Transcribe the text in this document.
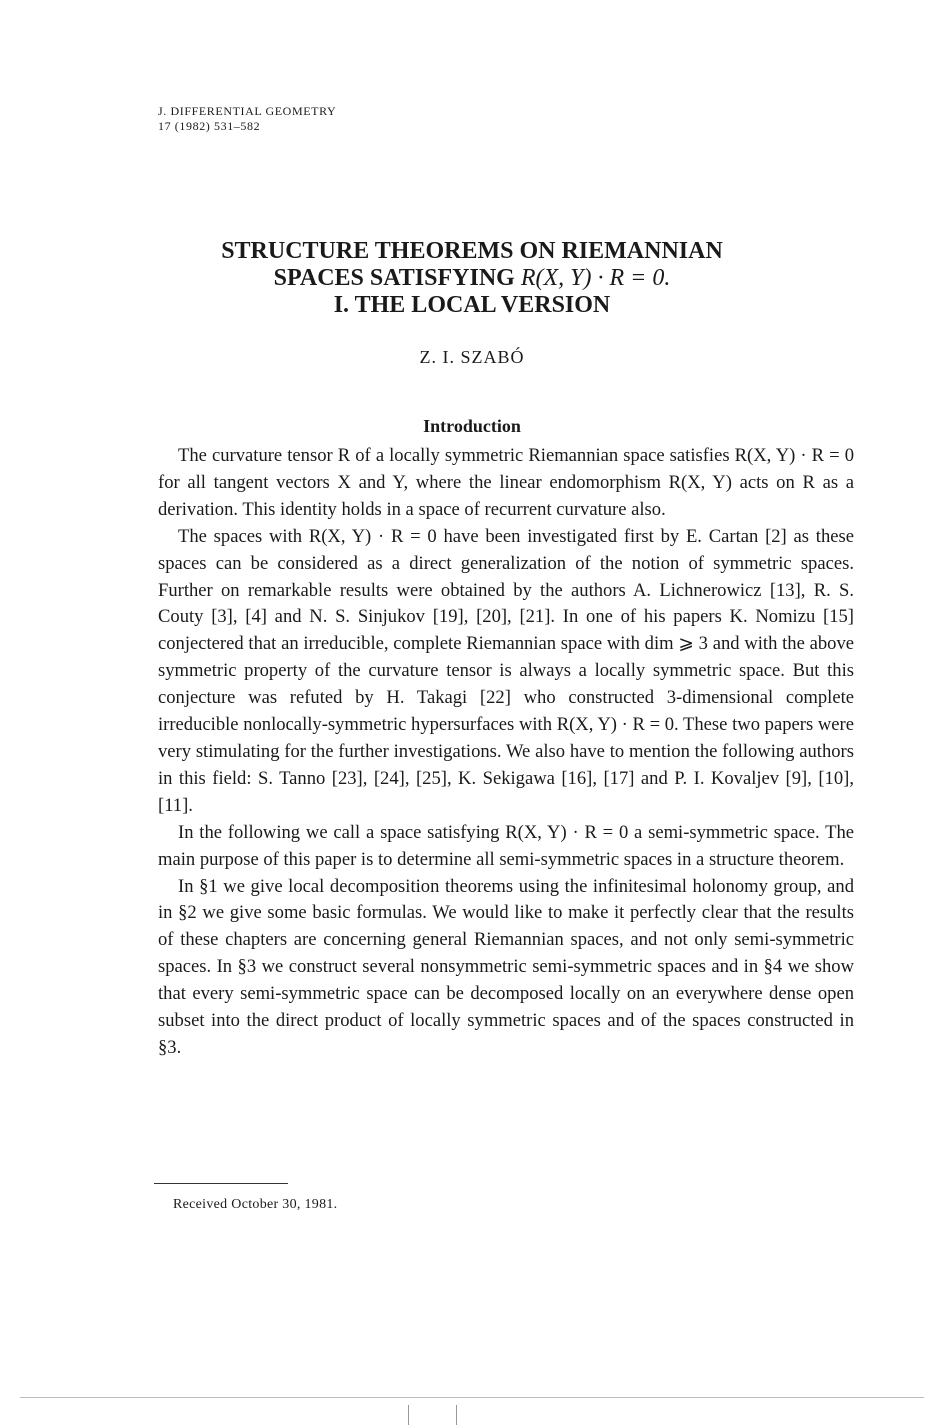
J. DIFFERENTIAL GEOMETRY
17 (1982) 531–582
STRUCTURE THEOREMS ON RIEMANNIAN
SPACES SATISFYING R(X, Y) · R = 0.
I. THE LOCAL VERSION
Z. I. SZABÓ
Introduction

The curvature tensor R of a locally symmetric Riemannian space satisfies R(X, Y) · R = 0 for all tangent vectors X and Y, where the linear endomorphism R(X, Y) acts on R as a derivation. This identity holds in a space of recurrent curvature also.

The spaces with R(X, Y) · R = 0 have been investigated first by E. Cartan [2] as these spaces can be considered as a direct generalization of the notion of symmetric spaces. Further on remarkable results were obtained by the authors A. Lichnerowicz [13], R. S. Couty [3], [4] and N. S. Sinjukov [19], [20], [21]. In one of his papers K. Nomizu [15] conjectered that an irreducible, complete Riemannian space with dim ⩾ 3 and with the above symmetric property of the curvature tensor is always a locally symmetric space. But this conjecture was refuted by H. Takagi [22] who constructed 3-dimensional complete irreducible nonlocally-symmetric hypersurfaces with R(X, Y) · R = 0. These two papers were very stimulating for the further investigations. We also have to mention the following authors in this field: S. Tanno [23], [24], [25], K. Sekigawa [16], [17] and P. I. Kovaljev [9], [10], [11].

In the following we call a space satisfying R(X, Y) · R = 0 a semi-symmetric space. The main purpose of this paper is to determine all semi-symmetric spaces in a structure theorem.

In §1 we give local decomposition theorems using the infinitesimal holonomy group, and in §2 we give some basic formulas. We would like to make it perfectly clear that the results of these chapters are concerning general Riemannian spaces, and not only semi-symmetric spaces. In §3 we construct several nonsymmetric semi-symmetric spaces and in §4 we show that every semi-symmetric space can be decomposed locally on an everywhere dense open subset into the direct product of locally symmetric spaces and of the spaces constructed in §3.

Received October 30, 1981.
